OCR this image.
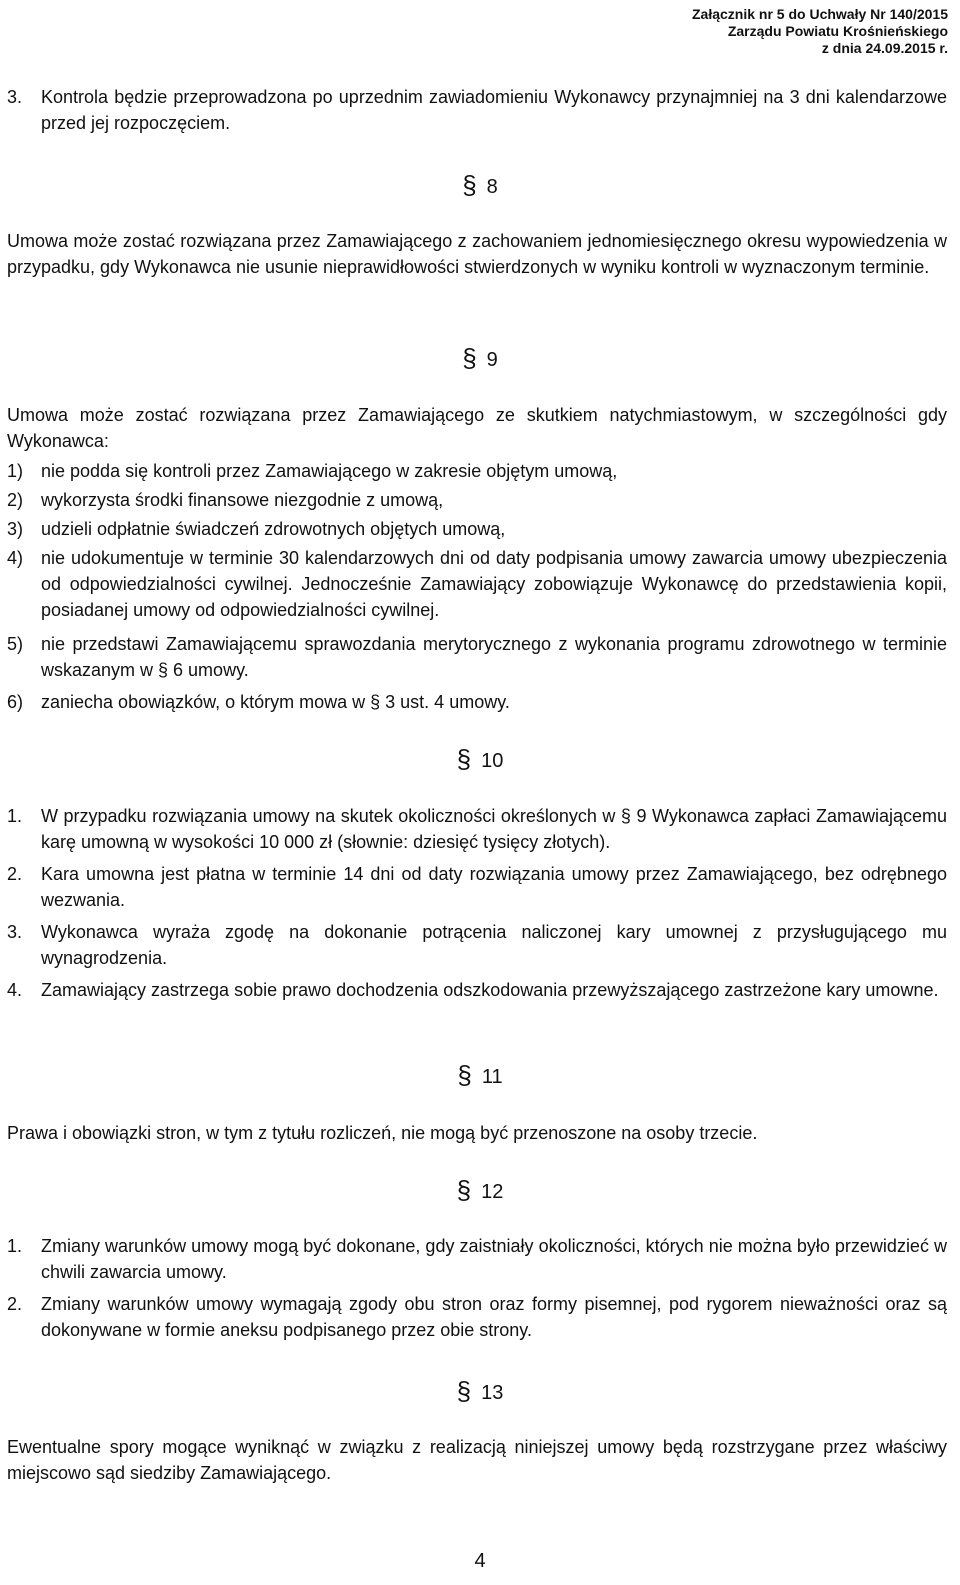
Załącznik nr 5 do Uchwały Nr 140/2015
Zarządu Powiatu Krośnieńskiego
z dnia 24.09.2015 r.
3. Kontrola będzie przeprowadzona po uprzednim zawiadomieniu Wykonawcy przynajmniej na 3 dni kalendarzowe przed jej rozpoczęciem.
§ 8
Umowa może zostać rozwiązana przez Zamawiającego z zachowaniem jednomiesięcznego okresu wypowiedzenia w przypadku, gdy Wykonawca nie usunie nieprawidłowości stwierdzonych w wyniku kontroli w wyznaczonym terminie.
§ 9
Umowa może zostać rozwiązana przez Zamawiającego ze skutkiem natychmiastowym, w szczególności gdy Wykonawca:
1) nie podda się kontroli przez Zamawiającego w zakresie objętym umową,
2) wykorzysta środki finansowe niezgodnie z umową,
3) udzieli odpłatnie świadczeń zdrowotnych objętych umową,
4) nie udokumentuje w terminie 30 kalendarzowych dni od daty podpisania umowy zawarcia umowy ubezpieczenia od odpowiedzialności cywilnej. Jednocześnie Zamawiający zobowiązuje Wykonawcę do przedstawienia kopii, posiadanej umowy od odpowiedzialności cywilnej.
5) nie przedstawi Zamawiającemu sprawozdania merytorycznego z wykonania programu zdrowotnego w terminie wskazanym w § 6 umowy.
6) zaniecha obowiązków, o którym mowa w § 3 ust. 4 umowy.
§ 10
1. W przypadku rozwiązania umowy na skutek okoliczności określonych w § 9 Wykonawca zapłaci Zamawiającemu karę umowną w wysokości 10 000 zł (słownie: dziesięć tysięcy złotych).
2. Kara umowna jest płatna w terminie 14 dni od daty rozwiązania umowy przez Zamawiającego, bez odrębnego wezwania.
3. Wykonawca wyraża zgodę na dokonanie potrącenia naliczonej kary umownej z przysługującego mu wynagrodzenia.
4. Zamawiający zastrzega sobie prawo dochodzenia odszkodowania przewyższającego zastrzeżone kary umowne.
§ 11
Prawa i obowiązki stron, w tym z tytułu rozliczeń, nie mogą być przenoszone na osoby trzecie.
§ 12
1. Zmiany warunków umowy mogą być dokonane, gdy zaistniały okoliczności, których nie można było przewidzieć w chwili zawarcia umowy.
2. Zmiany warunków umowy wymagają zgody obu stron oraz formy pisemnej, pod rygorem nieważności oraz są dokonywane w formie aneksu podpisanego przez obie strony.
§ 13
Ewentualne spory mogące wyniknąć w związku z realizacją niniejszej umowy będą rozstrzygane przez właściwy miejscowo sąd siedziby Zamawiającego.
4
